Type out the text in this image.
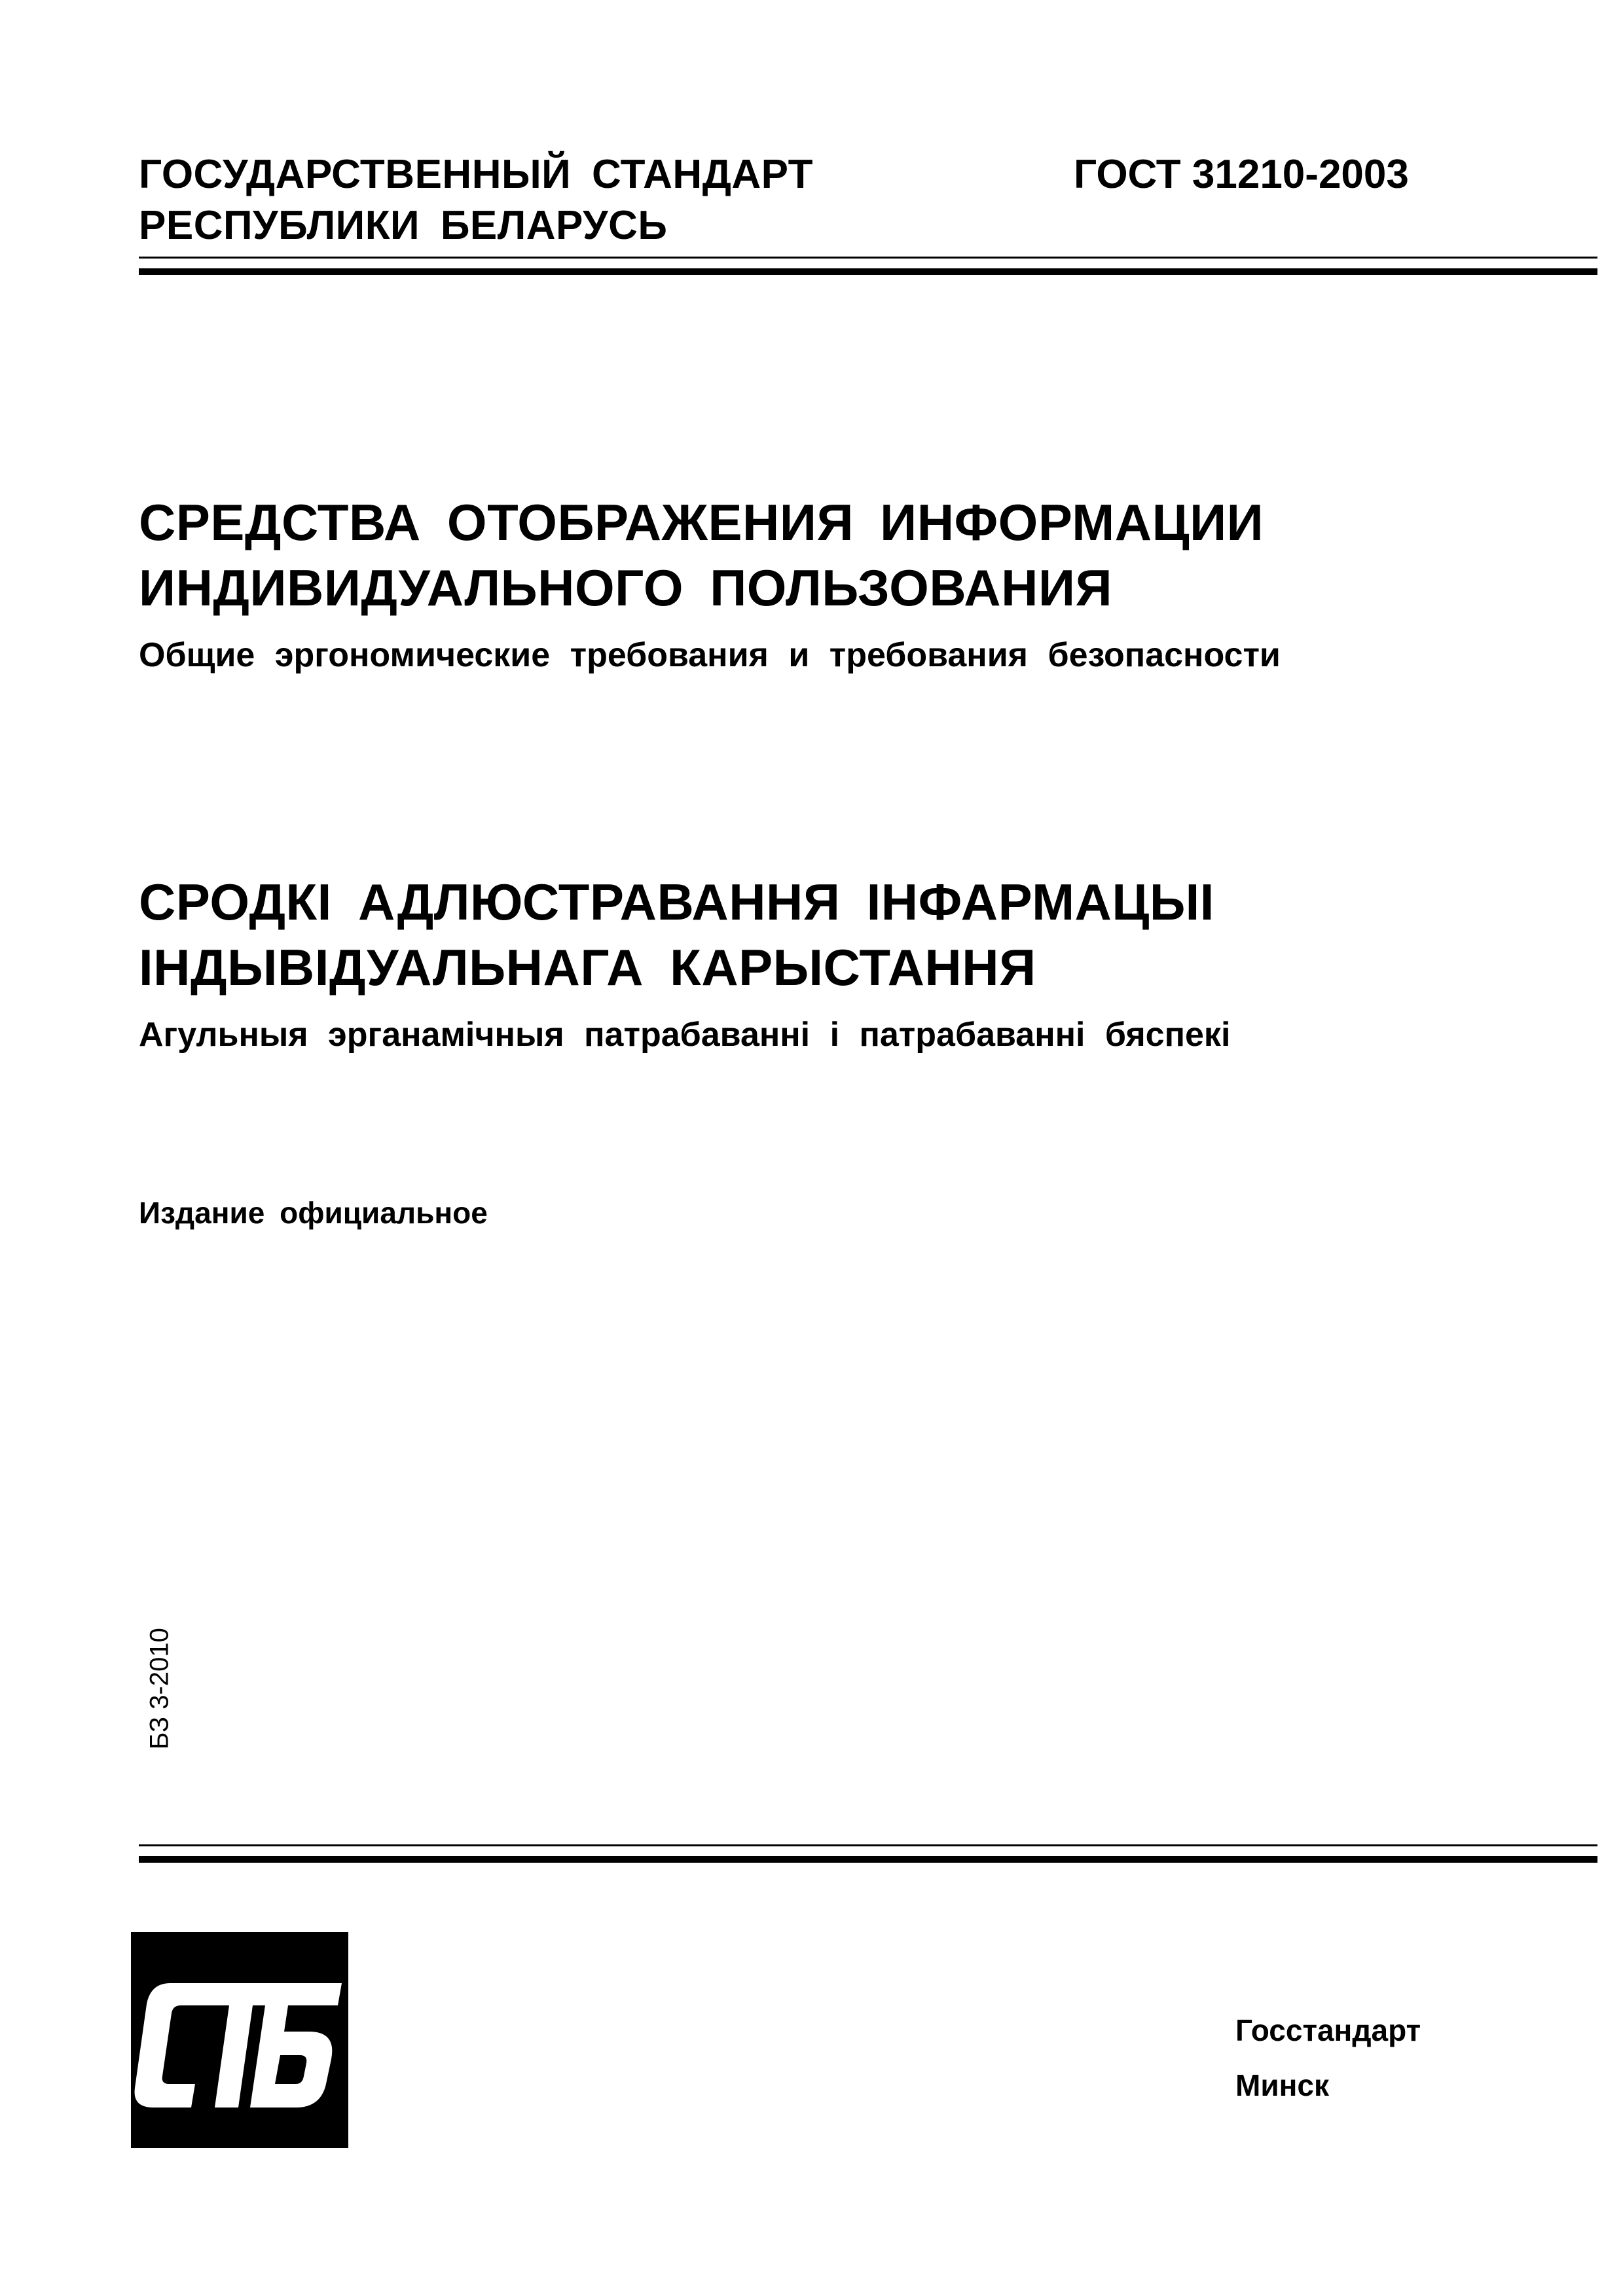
ГОСУДАРСТВЕННЫЙ СТАНДАРТ
РЕСПУБЛИКИ БЕЛАРУСЬ
ГОСТ 31210-2003
СРЕДСТВА ОТОБРАЖЕНИЯ ИНФОРМАЦИИ
ИНДИВИДУАЛЬНОГО ПОЛЬЗОВАНИЯ
Общие эргономические требования и требования безопасности
СРОДКІ АДЛЮСТРАВАННЯ ІНФАРМАЦЫІ
ІНДЫВІДУАЛЬНАГА КАРЫСТАННЯ
Агульныя эрганамічныя патрабаванні і патрабаванні бяспекі
Издание официальное
БЗ 3-2010
Госстандарт
Минск
